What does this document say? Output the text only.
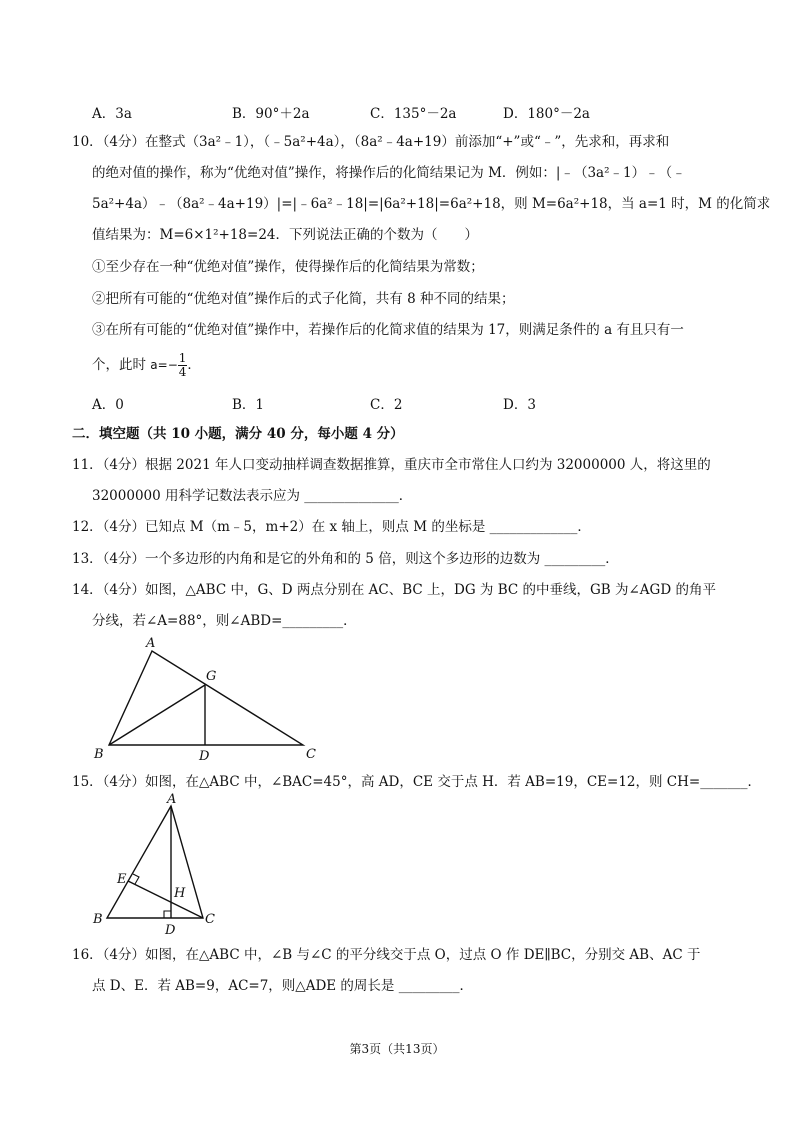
A．3a	B．90°＋2a	C．135°－2a	D．180°－2a
10．（4分）在整式（3a²﹣1），（﹣5a²+4a），（8a²﹣4a+19）前添加“+”或“﹣”，先求和，再求和
的绝对值的操作，称为“优绝对值”操作，将操作后的化简结果记为 M．例如：|﹣（3a²﹣1）﹣（﹣
5a²+4a）﹣（8a²﹣4a+19）|=|﹣6a²﹣18|=|6a²+18|=6a²+18，则 M=6a²+18，当 a=1 时，M 的化简求
值结果为：M=6×1²+18=24．下列说法正确的个数为（　　）
①至少存在一种“优绝对值”操作，使得操作后的化简结果为常数；
②把所有可能的“优绝对值”操作后的式子化简，共有 8 种不同的结果；
③在所有可能的“优绝对值”操作中，若操作后的化简求值的结果为 17，则满足条件的 a 有且只有一
个，此时 $a=- \frac{1}{4}$ ．
A．0	B．1	C．2	D．3
二．填空题（共 10 小题，满分 40 分，每小题 4 分）
11．（4分）根据 2021 年人口变动抽样调查数据推算，重庆市全市常住人口约为 32000000 人，将这里的
32000000 用科学记数法表示应为 ______________．
12．（4分）已知点 M（m﹣5，m+2）在 x 轴上，则点 M 的坐标是 _____________．
13．（4分）一个多边形的内角和是它的外角和的 5 倍，则这个多边形的边数为 _________．
14．（4分）如图，△ABC 中，G、D 两点分别在 AC、BC 上，DG 为 BC 的中垂线，GB 为∠AGD 的角平
分线，若∠A=88°，则∠ABD=_________．
A
B	C
D
G
15．（4分）如图，在△ABC 中，∠BAC=45°，高 AD，CE 交于点 H．若 AB=19，CE=12，则 CH=_______．
A
B	C
D
E
H
16．（4分）如图，在△ABC 中，∠B 与∠C 的平分线交于点 O，过点 O 作 DE∥BC，分别交 AB、AC 于
点 D、E．若 AB=9，AC=7，则△ADE 的周长是 _________．
第3页（共13页）
